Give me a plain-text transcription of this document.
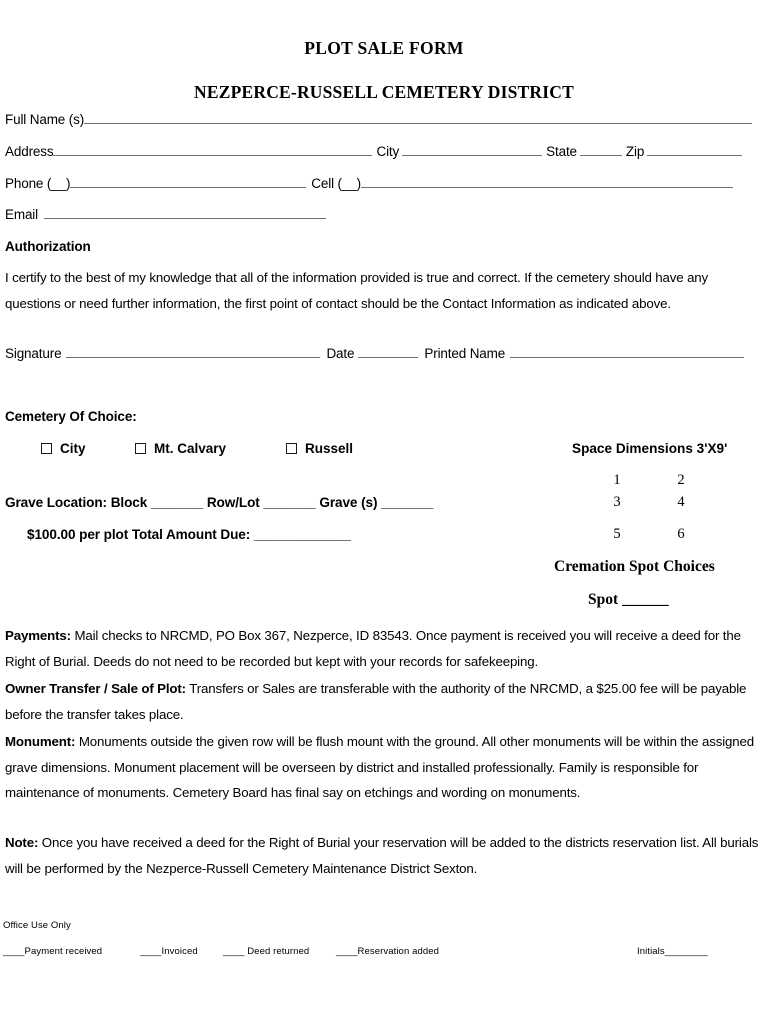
PLOT SALE FORM
NEZPERCE-RUSSELL CEMETERY DISTRICT
Full Name (s)
Address	City	State	Zip
Phone (__)	Cell (__)
Email
Authorization
I certify to the best of my knowledge that all of the information provided is true and correct. If the cemetery should have any questions or need further information, the first point of contact should be the Contact Information as indicated above.
Signature	Date	Printed Name
Cemetery Of Choice:
City	Mt. Calvary	Russell
Grave Location: Block _______ Row/Lot _______ Grave (s) _______
$100.00 per plot Total Amount Due: _____________
Space Dimensions 3'X9'
1	2
3	4
5	6
Cremation Spot Choices
Spot ______
Payments: Mail checks to NRCMD, PO Box 367, Nezperce, ID 83543. Once payment is received you will receive a deed for the Right of Burial. Deeds do not need to be recorded but kept with your records for safekeeping.
Owner Transfer / Sale of Plot: Transfers or Sales are transferable with the authority of the NRCMD, a $25.00 fee will be payable before the transfer takes place.
Monument: Monuments outside the given row will be flush mount with the ground. All other monuments will be within the assigned grave dimensions. Monument placement will be overseen by district and installed professionally. Family is responsible for maintenance of monuments. Cemetery Board has final say on etchings and wording on monuments.
Note: Once you have received a deed for the Right of Burial your reservation will be added to the districts reservation list. All burials will be performed by the Nezperce-Russell Cemetery Maintenance District Sexton.
Office Use Only
____Payment received	____Invoiced	____ Deed returned	____Reservation added	Initials________
